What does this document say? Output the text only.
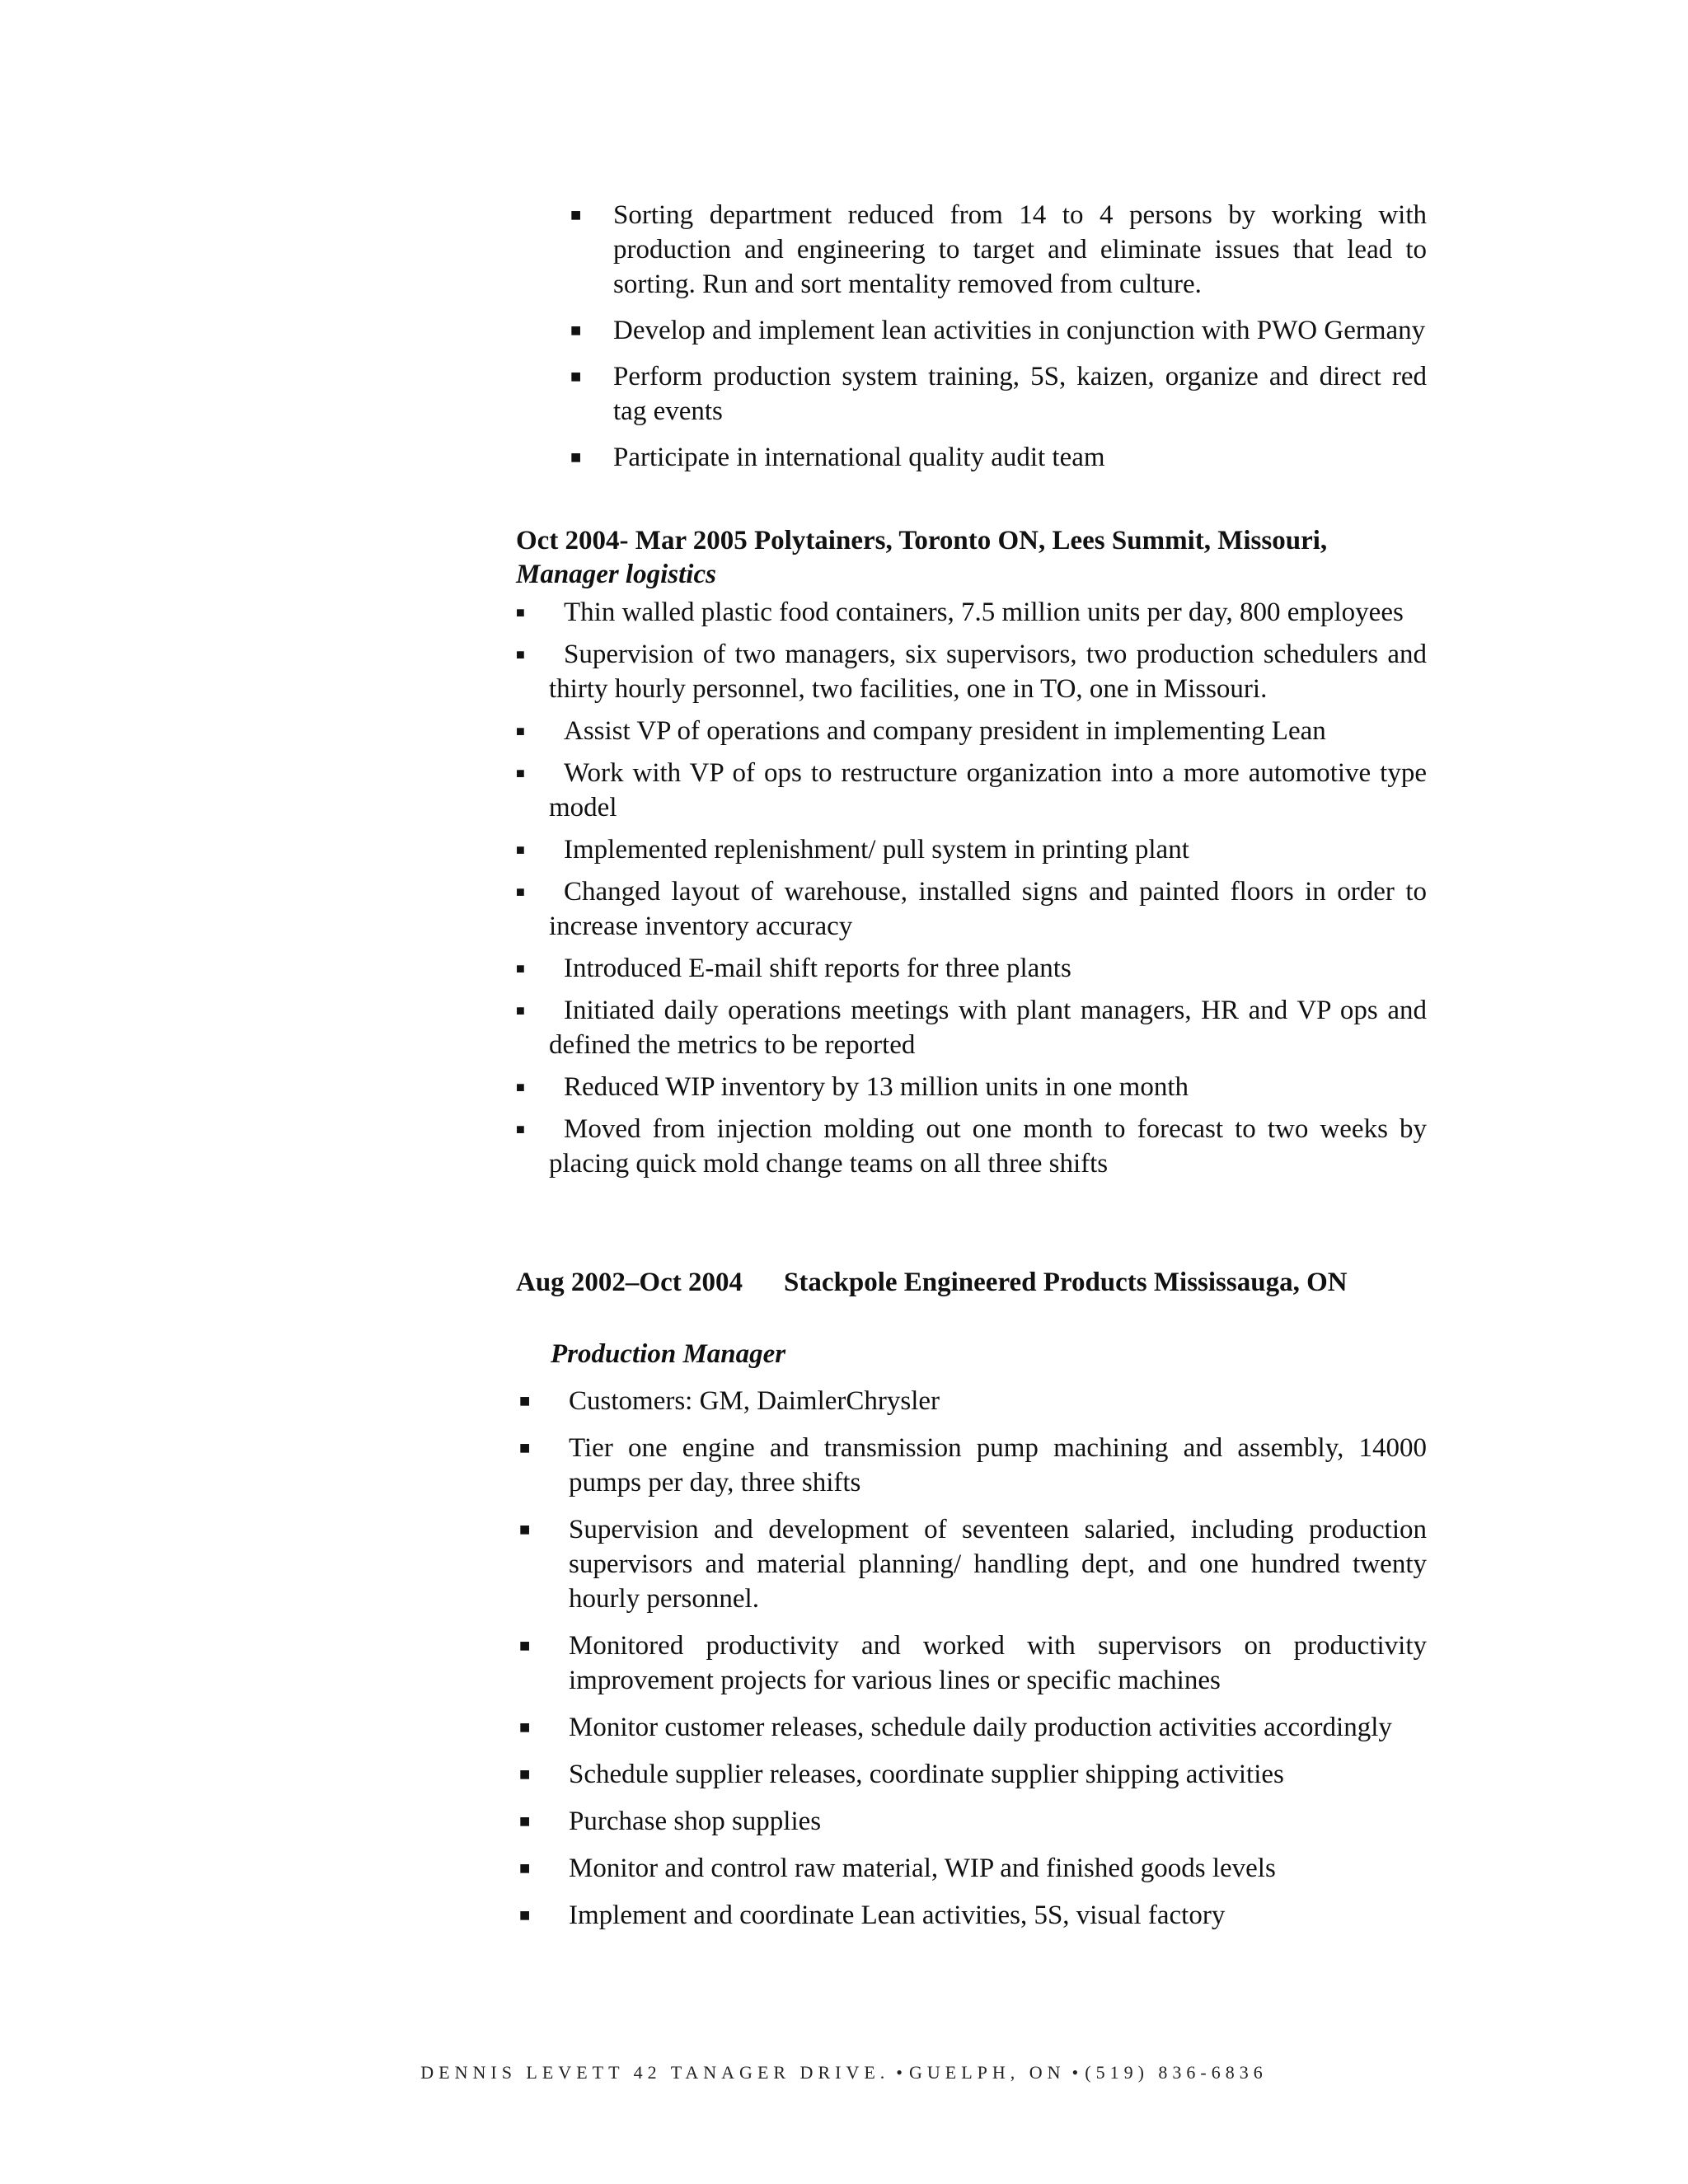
■ Sorting department reduced from 14 to 4 persons by working with production and engineering to target and eliminate issues that lead to sorting. Run and sort mentality removed from culture.
■ Develop and implement lean activities in conjunction with PWO Germany
■ Perform production system training, 5S, kaizen, organize and direct red tag events
■ Participate in international quality audit team
Oct 2004- Mar 2005 Polytainers, Toronto ON, Lees Summit, Missouri, Manager logistics
■ Thin walled plastic food containers, 7.5 million units per day, 800 employees
■ Supervision of two managers, six supervisors, two production schedulers and thirty hourly personnel, two facilities, one in TO, one in Missouri.
■ Assist VP of operations and company president in implementing Lean
■ Work with VP of ops to restructure organization into a more automotive type model
■ Implemented replenishment/ pull system in printing plant
■ Changed layout of warehouse, installed signs and painted floors in order to increase inventory accuracy
■ Introduced E-mail shift reports for three plants
■ Initiated daily operations meetings with plant managers, HR and VP ops and defined the metrics to be reported
■ Reduced WIP inventory by 13 million units in one month
■ Moved from injection molding out one month to forecast to two weeks by placing quick mold change teams on all three shifts
Aug 2002–Oct 2004 Stackpole Engineered Products Mississauga, ON
Production Manager
■ Customers: GM, DaimlerChrysler
■ Tier one engine and transmission pump machining and assembly, 14000 pumps per day, three shifts
■ Supervision and development of seventeen salaried, including production supervisors and material planning/ handling dept, and one hundred twenty hourly personnel.
■ Monitored productivity and worked with supervisors on productivity improvement projects for various lines or specific machines
■ Monitor customer releases, schedule daily production activities accordingly
■ Schedule supplier releases, coordinate supplier shipping activities
■ Purchase shop supplies
■ Monitor and control raw material, WIP and finished goods levels
■ Implement and coordinate Lean activities, 5S, visual factory
DENNIS LEVETT 42 TANAGER DRIVE. • GUELPH, ON • (519) 836-6836
